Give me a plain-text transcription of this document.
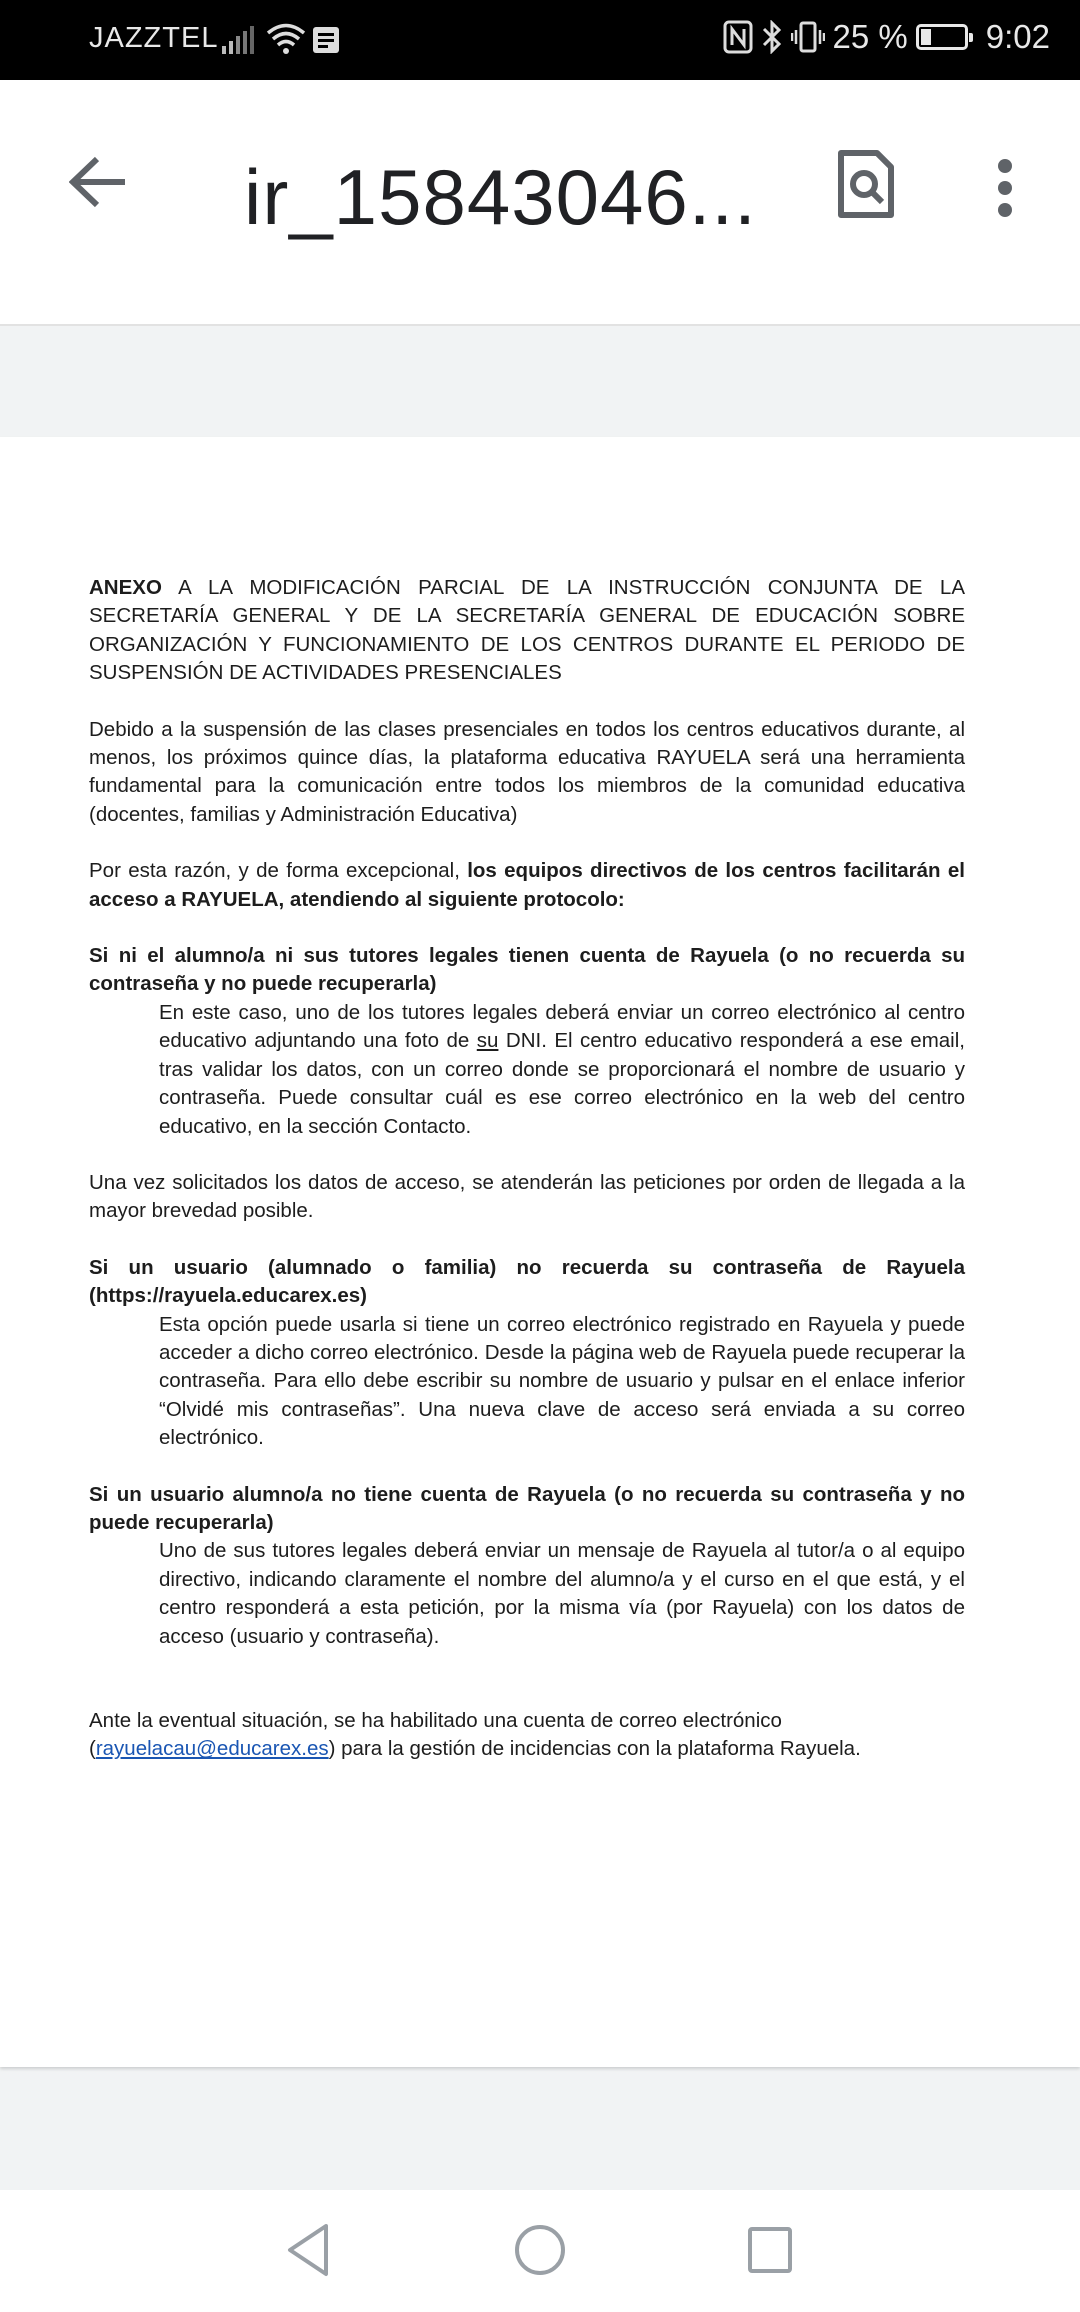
JAZZTEL	25 % 9:02
ir_15843046...

ANEXO A LA MODIFICACIÓN PARCIAL DE LA INSTRUCCIÓN CONJUNTA DE LA SECRETARÍA GENERAL Y DE LA SECRETARÍA GENERAL DE EDUCACIÓN SOBRE ORGANIZACIÓN Y FUNCIONAMIENTO DE LOS CENTROS DURANTE EL PERIODO DE SUSPENSIÓN DE ACTIVIDADES PRESENCIALES

Debido a la suspensión de las clases presenciales en todos los centros educativos durante, al menos, los próximos quince días, la plataforma educativa RAYUELA será una herramienta fundamental para la comunicación entre todos los miembros de la comunidad educativa (docentes, familias y Administración Educativa)

Por esta razón, y de forma excepcional, los equipos directivos de los centros facilitarán el acceso a RAYUELA, atendiendo al siguiente protocolo:

Si ni el alumno/a ni sus tutores legales tienen cuenta de Rayuela (o no recuerda su contraseña y no puede recuperarla)

En este caso, uno de los tutores legales deberá enviar un correo electrónico al centro educativo adjuntando una foto de su DNI. El centro educativo responderá a ese email, tras validar los datos, con un correo donde se proporcionará el nombre de usuario y contraseña. Puede consultar cuál es ese correo electrónico en la web del centro educativo, en la sección Contacto.

Una vez solicitados los datos de acceso, se atenderán las peticiones por orden de llegada a la mayor brevedad posible.

Si un usuario (alumnado o familia) no recuerda su contraseña de Rayuela (https://rayuela.educarex.es)

Esta opción puede usarla si tiene un correo electrónico registrado en Rayuela y puede acceder a dicho correo electrónico. Desde la página web de Rayuela puede recuperar la contraseña. Para ello debe escribir su nombre de usuario y pulsar en el enlace inferior “Olvidé mis contraseñas”. Una nueva clave de acceso será enviada a su correo electrónico.

Si un usuario alumno/a no tiene cuenta de Rayuela (o no recuerda su contraseña y no puede recuperarla)

Uno de sus tutores legales deberá enviar un mensaje de Rayuela al tutor/a o al equipo directivo, indicando claramente el nombre del alumno/a y el curso en el que está, y el centro responderá a esta petición, por la misma vía (por Rayuela) con los datos de acceso (usuario y contraseña).

Ante la eventual situación, se ha habilitado una cuenta de correo electrónico (rayuelacau@educarex.es) para la gestión de incidencias con la plataforma Rayuela.
